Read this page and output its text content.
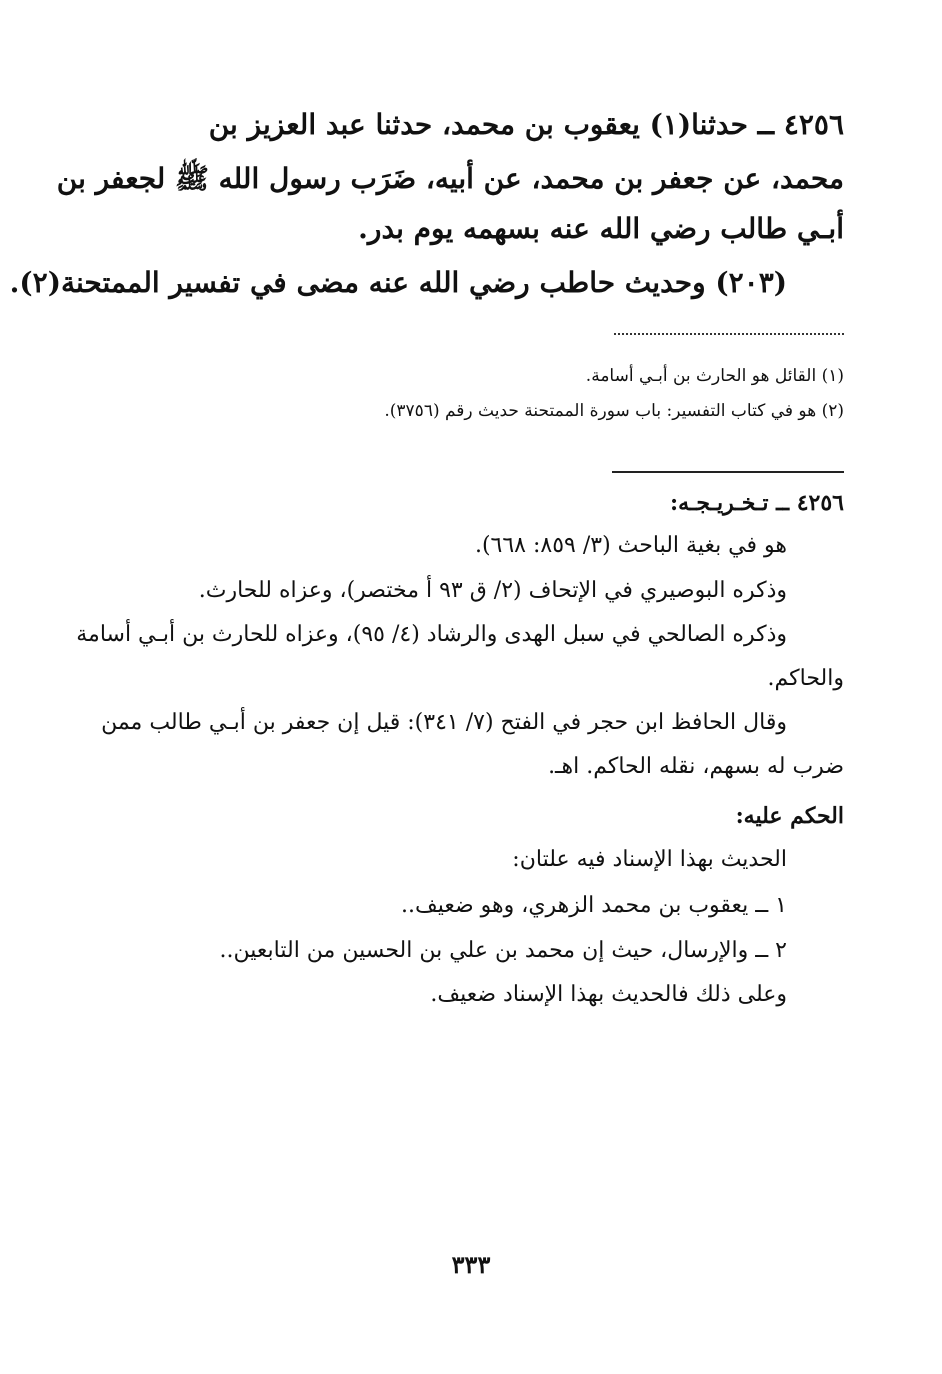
٤٢٥٦ ــ حدثنا(١) يعقوب بن محمد، حدثنا عبد العزيز بن
محمد، عن جعفر بن محمد، عن أبيه، ضَرَب رسول الله ﷺ لجعفر بن
أبـي طالب رضي الله عنه بسهمه يوم بدر.
(٢٠٣) وحديث حاطب رضي الله عنه مضى في تفسير الممتحنة(٢).
(١) القائل هو الحارث بن أبـي أسامة.
(٢) هو في كتاب التفسير: باب سورة الممتحنة حديث رقم (٣٧٥٦).
٤٢٥٦ ــ تـخـريـجـه:
هو في بغية الباحث (٣/ ٨٥٩: ٦٦٨).
وذكره البوصيري في الإتحاف (٢/ ق ٩٣ أ مختصر)، وعزاه للحارث.
وذكره الصالحي في سبل الهدى والرشاد (٤/ ٩٥)، وعزاه للحارث بن أبـي أسامة
والحاكم.
وقال الحافظ ابن حجر في الفتح (٧/ ٣٤١): قيل إن جعفر بن أبـي طالب ممن
ضرب له بسهم، نقله الحاكم. اهـ.
الحكم عليه:
الحديث بهذا الإسناد فيه علتان:
١ ــ يعقوب بن محمد الزهري، وهو ضعيف..
٢ ــ والإرسال، حيث إن محمد بن علي بن الحسين من التابعين..
وعلى ذلك فالحديث بهذا الإسناد ضعيف.
٣٣٣
